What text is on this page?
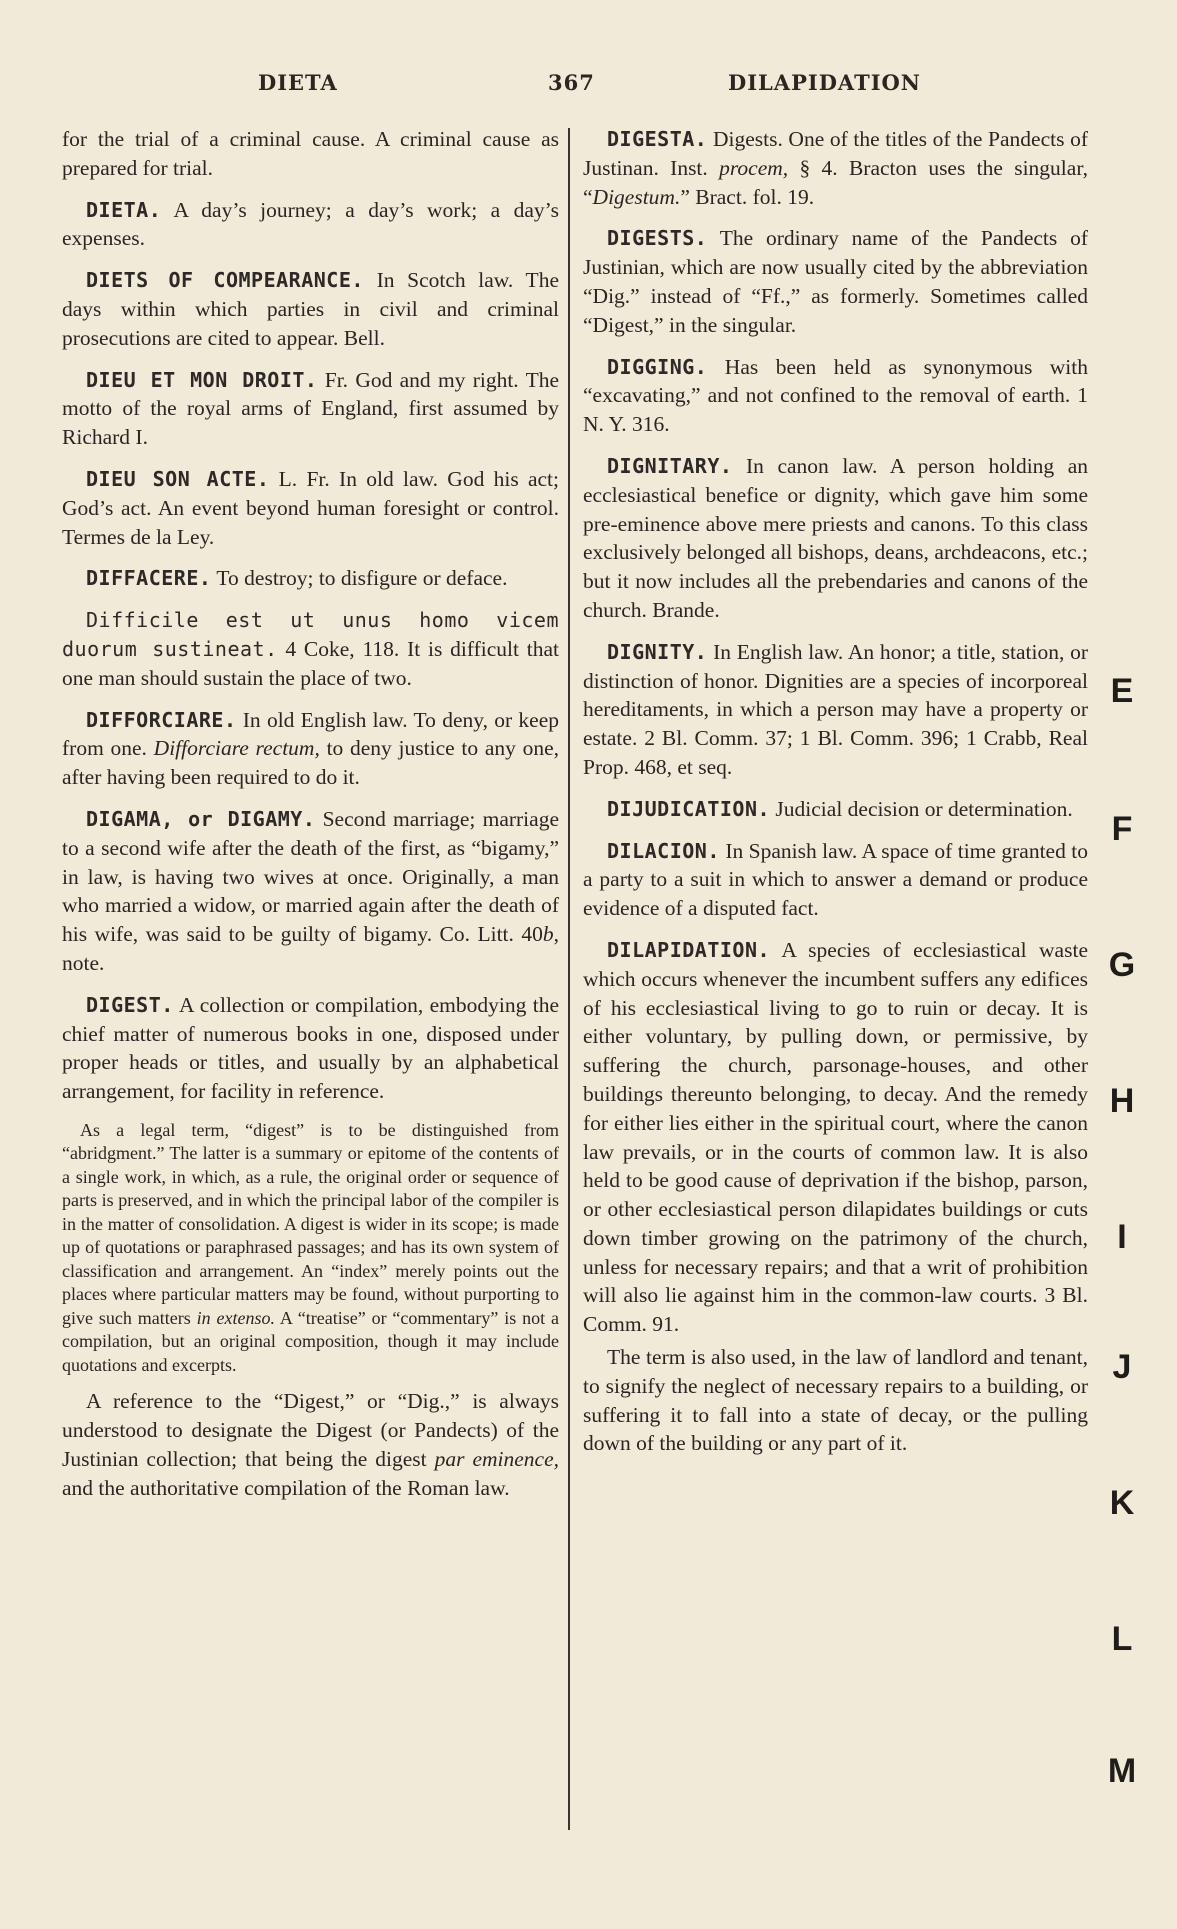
DIETA	367	DILAPIDATION

for the trial of a criminal cause. A criminal cause as prepared for trial.

DIETA. A day’s journey; a day’s work; a day’s expenses.

DIETS OF COMPEARANCE. In Scotch law. The days within which parties in civil and criminal prosecutions are cited to appear. Bell.

DIEU ET MON DROIT. Fr. God and my right. The motto of the royal arms of England, first assumed by Richard I.

DIEU SON ACTE. L. Fr. In old law. God his act; God’s act. An event beyond human foresight or control. Termes de la Ley.

DIFFACERE. To destroy; to disfigure or deface.

Difficile est ut unus homo vicem duorum sustineat. 4 Coke, 118. It is difficult that one man should sustain the place of two.

DIFFORCIARE. In old English law. To deny, or keep from one. Difforciare rectum, to deny justice to any one, after having been required to do it.

DIGAMA, or DIGAMY. Second marriage; marriage to a second wife after the death of the first, as “bigamy,” in law, is having two wives at once. Originally, a man who married a widow, or married again after the death of his wife, was said to be guilty of bigamy. Co. Litt. 40b, note.

DIGEST. A collection or compilation, embodying the chief matter of numerous books in one, disposed under proper heads or titles, and usually by an alphabetical arrangement, for facility in reference.

As a legal term, “digest” is to be distinguished from “abridgment.” The latter is a summary or epitome of the contents of a single work, in which, as a rule, the original order or sequence of parts is preserved, and in which the principal labor of the compiler is in the matter of consolidation. A digest is wider in its scope; is made up of quotations or paraphrased passages; and has its own system of classification and arrangement. An “index” merely points out the places where particular matters may be found, without purporting to give such matters in extenso. A “treatise” or “commentary” is not a compilation, but an original composition, though it may include quotations and excerpts.

A reference to the “Digest,” or “Dig.,” is always understood to designate the Digest (or Pandects) of the Justinian collection; that being the digest par eminence, and the authoritative compilation of the Roman law.

DIGESTA. Digests. One of the titles of the Pandects of Justinan. Inst. procem, § 4. Bracton uses the singular, “Digestum.” Bract. fol. 19.

DIGESTS. The ordinary name of the Pandects of Justinian, which are now usually cited by the abbreviation “Dig.” instead of “Ff.,” as formerly. Sometimes called “Digest,” in the singular.

DIGGING. Has been held as synonymous with “excavating,” and not confined to the removal of earth. 1 N. Y. 316.

DIGNITARY. In canon law. A person holding an ecclesiastical benefice or dignity, which gave him some pre-eminence above mere priests and canons. To this class exclusively belonged all bishops, deans, archdeacons, etc.; but it now includes all the prebendaries and canons of the church. Brande.

DIGNITY. In English law. An honor; a title, station, or distinction of honor. Dignities are a species of incorporeal hereditaments, in which a person may have a property or estate. 2 Bl. Comm. 37; 1 Bl. Comm. 396; 1 Crabb, Real Prop. 468, et seq.

DIJUDICATION. Judicial decision or determination.

DILACION. In Spanish law. A space of time granted to a party to a suit in which to answer a demand or produce evidence of a disputed fact.

DILAPIDATION. A species of ecclesiastical waste which occurs whenever the incumbent suffers any edifices of his ecclesiastical living to go to ruin or decay. It is either voluntary, by pulling down, or permissive, by suffering the church, parsonage-houses, and other buildings thereunto belonging, to decay. And the remedy for either lies either in the spiritual court, where the canon law prevails, or in the courts of common law. It is also held to be good cause of deprivation if the bishop, parson, or other ecclesiastical person dilapidates buildings or cuts down timber growing on the patrimony of the church, unless for necessary repairs; and that a writ of prohibition will also lie against him in the common-law courts. 3 Bl. Comm. 91.

The term is also used, in the law of landlord and tenant, to signify the neglect of necessary repairs to a building, or suffering it to fall into a state of decay, or the pulling down of the building or any part of it.

E
F
G
H
I
J
K
L
M
